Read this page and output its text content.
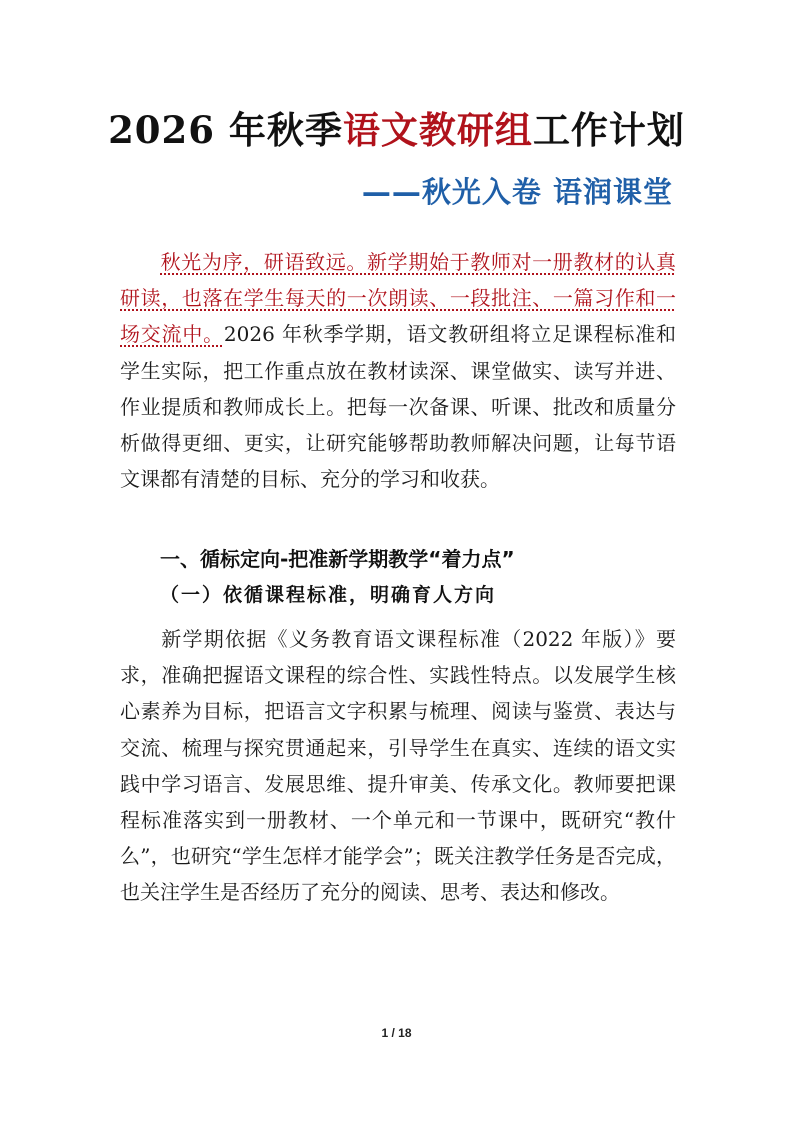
2026 年秋季语文教研组工作计划
——秋光入卷 语润课堂
秋光为序，研语致远。新学期始于教师对一册教材的认真研读，也落在学生每天的一次朗读、一段批注、一篇习作和一场交流中。2026 年秋季学期，语文教研组将立足课程标准和学生实际，把工作重点放在教材读深、课堂做实、读写并进、作业提质和教师成长上。把每一次备课、听课、批改和质量分析做得更细、更实，让研究能够帮助教师解决问题，让每节语文课都有清楚的目标、充分的学习和收获。
一、循标定向-把准新学期教学“着力点”
（一）依循课程标准，明确育人方向
新学期依据《义务教育语文课程标准（2022 年版）》要求，准确把握语文课程的综合性、实践性特点。以发展学生核心素养为目标，把语言文字积累与梳理、阅读与鉴赏、表达与交流、梳理与探究贯通起来，引导学生在真实、连续的语文实践中学习语言、发展思维、提升审美、传承文化。教师要把课程标准落实到一册教材、一个单元和一节课中，既研究“教什么”，也研究“学生怎样才能学会”；既关注教学任务是否完成，也关注学生是否经历了充分的阅读、思考、表达和修改。
1 / 18
